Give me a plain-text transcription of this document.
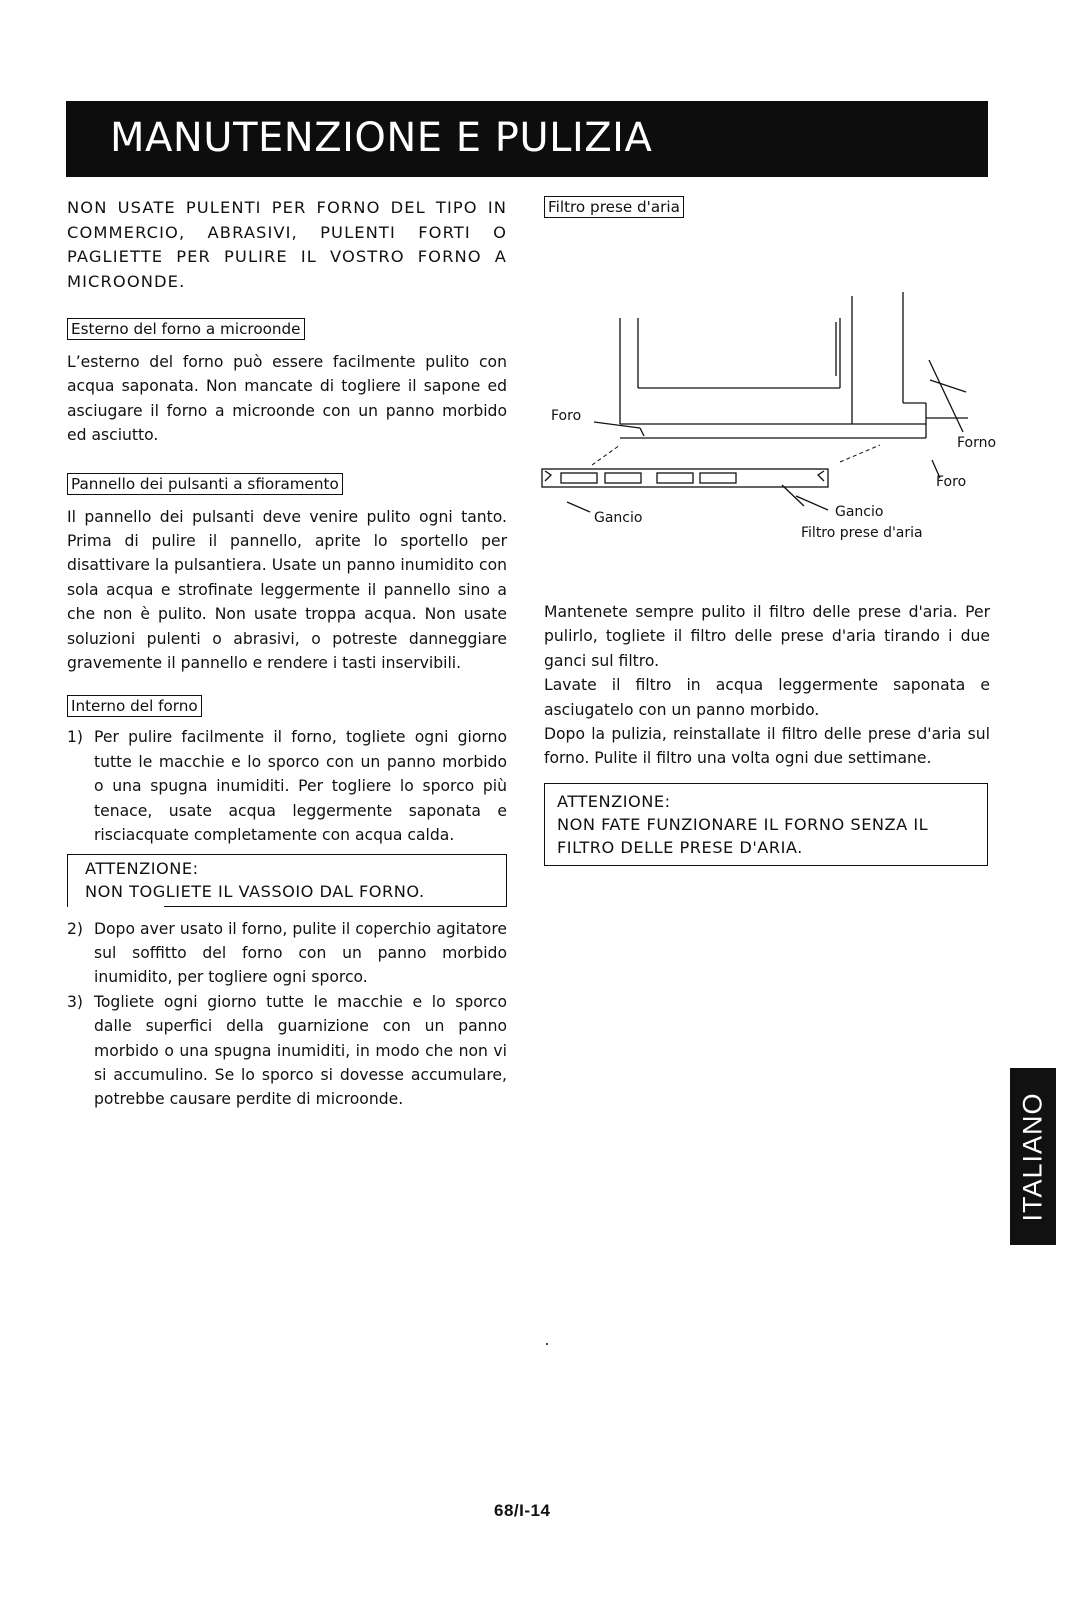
MANUTENZIONE E PULIZIA

NON USATE PULENTI PER FORNO DEL TIPO IN COMMERCIO, ABRASIVI, PULENTI FORTI O PAGLIETTE PER PULIRE IL VOSTRO FORNO A MICROONDE.

Esterno del forno a microonde

L’esterno del forno può essere facilmente pulito con acqua saponata. Non mancate di togliere il sapone ed asciugare il forno a microonde con un panno morbido ed asciutto.

Pannello dei pulsanti a sfioramento

Il pannello dei pulsanti deve venire pulito ogni tanto. Prima di pulire il pannello, aprite lo sportello per disattivare la pulsantiera. Usate un panno inumidito con sola acqua e strofinate leggermente il pannello sino a che non è pulito. Non usate troppa acqua. Non usate soluzioni pulenti o abrasivi, o potreste danneggiare gravemente il pannello e rendere i tasti inservibili.

Interno del forno
1) Per pulire facilmente il forno, togliete ogni giorno tutte le macchie e lo sporco con un panno morbido o una spugna inumiditi. Per togliere lo sporco più tenace, usate acqua leggermente saponata e risciacquate completamente con acqua calda.
ATTENZIONE:
NON TOGLIETE IL VASSOIO DAL FORNO.
2) Dopo aver usato il forno, pulite il coperchio agitatore sul soffitto del forno con un panno morbido inumidito, per togliere ogni sporco.
3) Togliete ogni giorno tutte le macchie e lo sporco dalle superfici della guarnizione con un panno morbido o una spugna inumiditi, in modo che non vi si accumulino. Se lo sporco si dovesse accumulare, potrebbe causare perdite di microonde.
Filtro prese d'aria
Foro
Forno
Foro
Gancio	Gancio
Filtro prese d'aria

Mantenete sempre pulito il filtro delle prese d'aria. Per pulirlo, togliete il filtro delle prese d'aria tirando i due ganci sul filtro.

Lavate il filtro in acqua leggermente saponata e asciugatelo con un panno morbido.

Dopo la pulizia, reinstallate il filtro delle prese d'aria sul forno. Pulite il filtro una volta ogni due settimane.

ATTENZIONE:
NON FATE FUNZIONARE IL FORNO SENZA IL FILTRO DELLE PRESE D'ARIA.
ITALIANO
68/I-14
